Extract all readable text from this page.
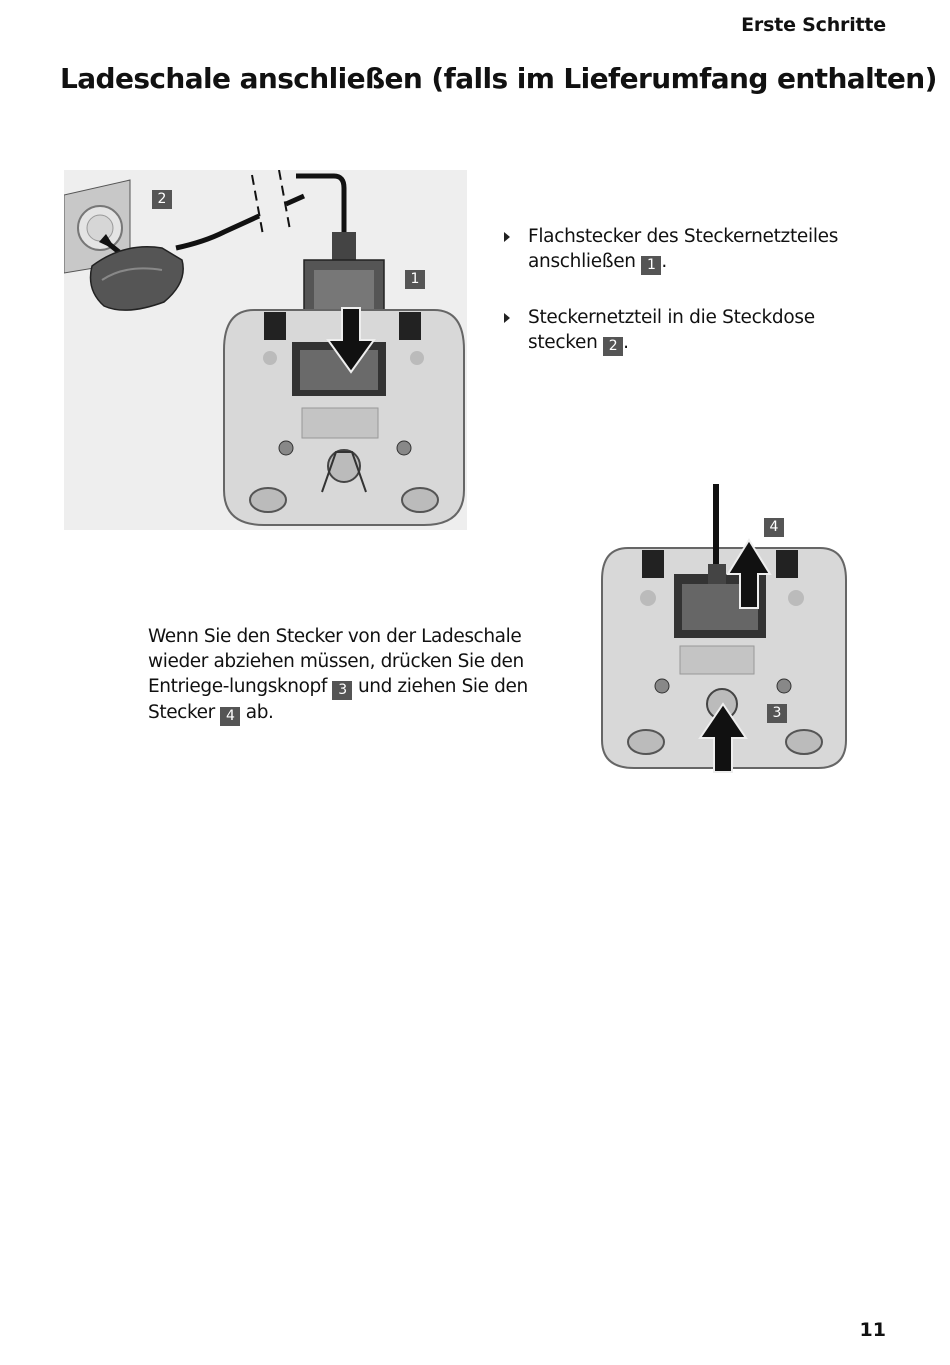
Erste Schritte
Ladeschale anschließen (falls im Lieferumfang enthalten)
2
1
Flachstecker des Steckernetzteiles anschließen 1 .
Steckernetzteil in die Steckdose stecken 2 .

Wenn Sie den Stecker von der Ladeschale wieder abziehen müssen, drücken Sie den Entriege-lungsknopf 3 und ziehen Sie den Stecker 4 ab.

4
3
11
